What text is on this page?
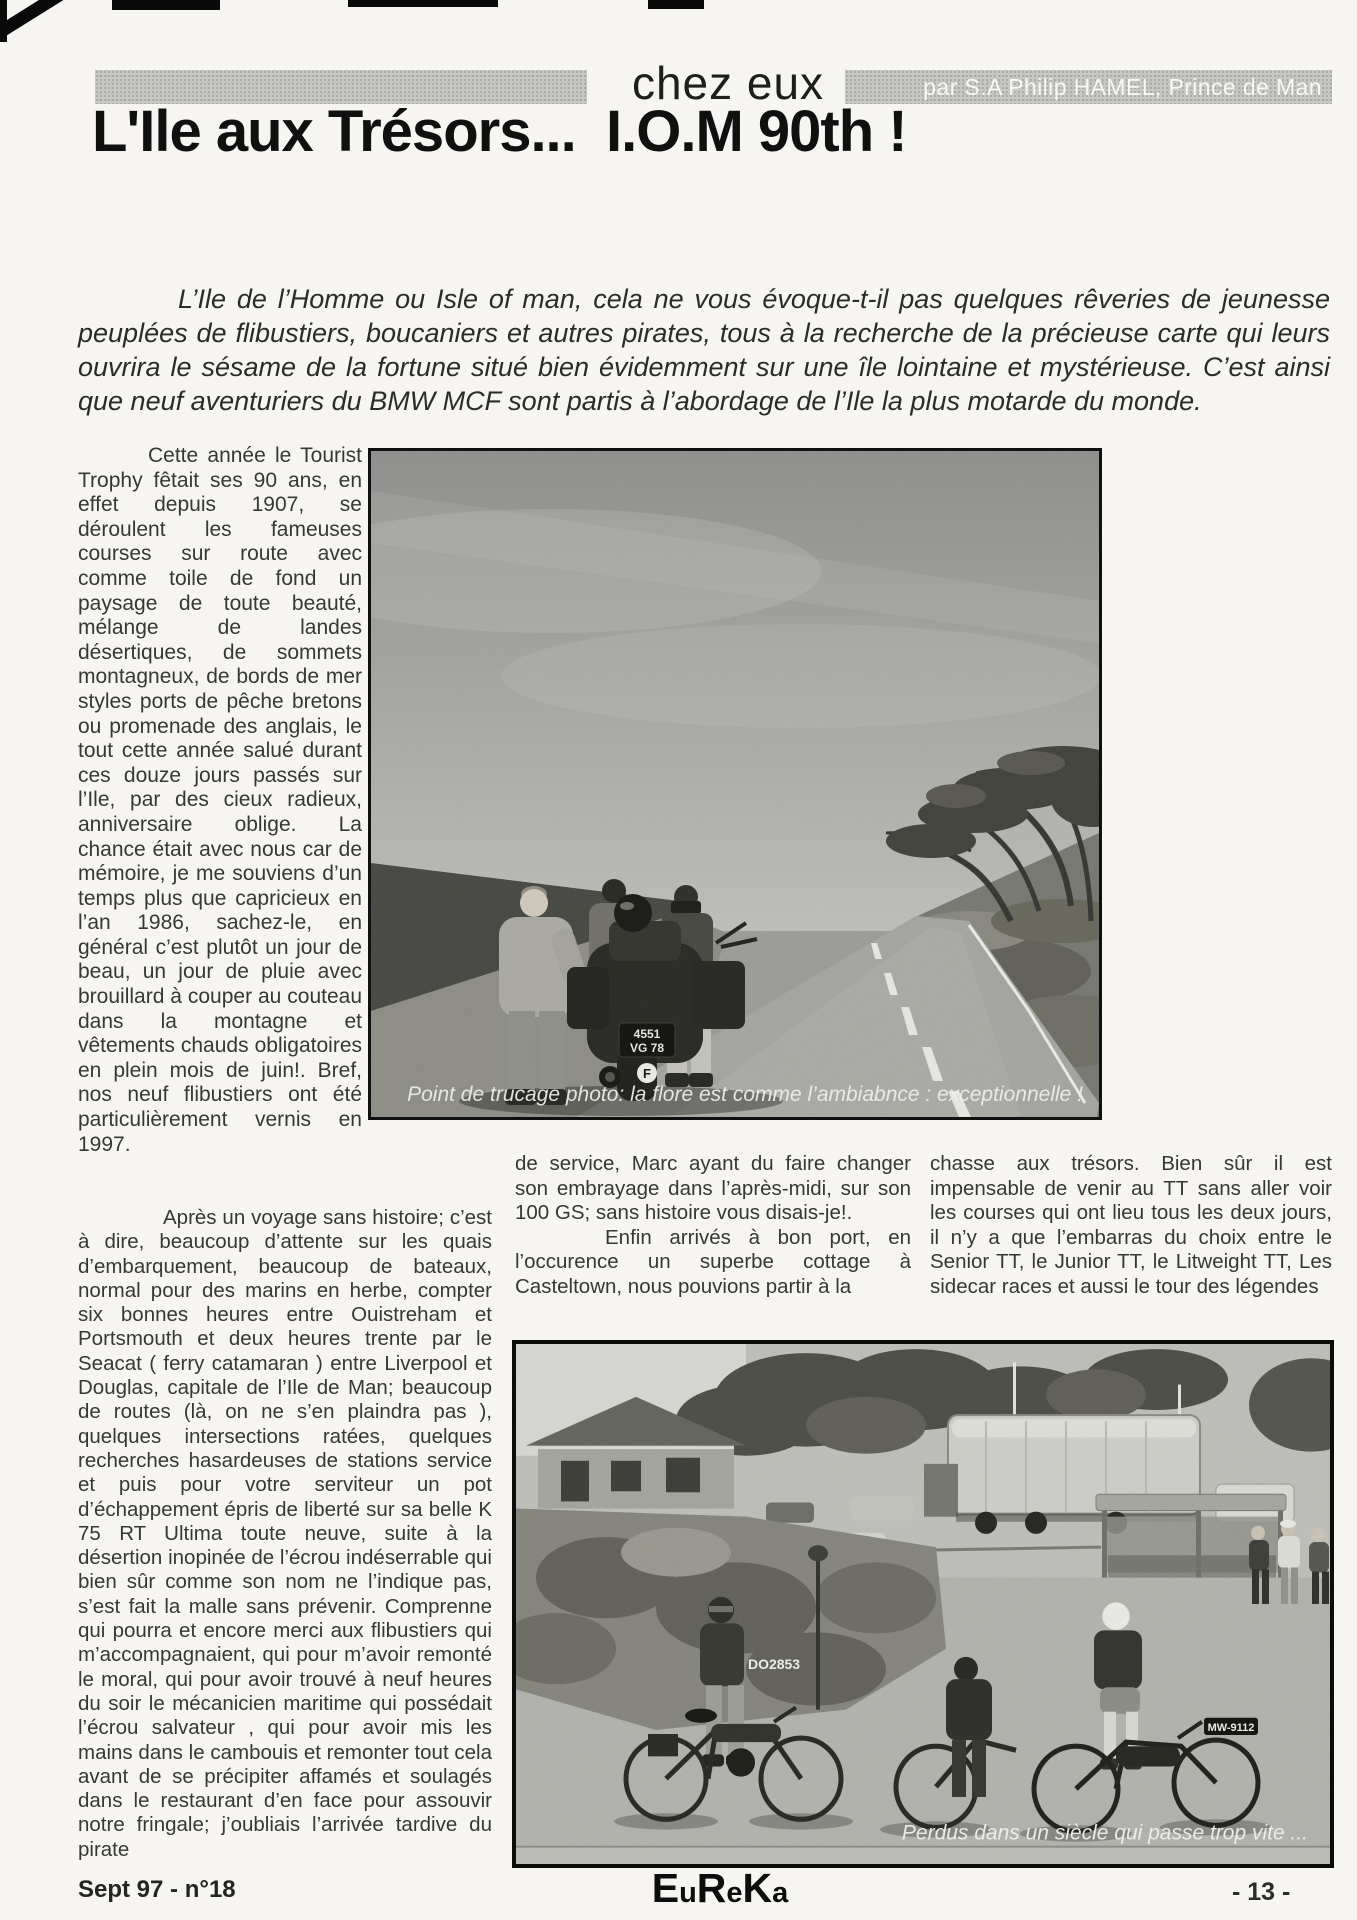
chez eux	par S.A Philip HAMEL, Prince de Man
L'Ile aux Trésors...  I.O.M 90th !

L’Ile de l’Homme ou Isle of man, cela ne vous évoque-t-il pas quelques rêveries de jeunesse peuplées de flibustiers, boucaniers et autres pirates, tous à la recherche de la précieuse carte qui leurs ouvrira le sésame de la fortune situé bien évidemment sur une île lointaine et mystérieuse. C’est ainsi que neuf aventuriers du BMW MCF sont partis à l’abordage de l’Ile la plus motarde du monde.

Cette année le Tourist Trophy fêtait ses 90 ans, en effet depuis 1907, se déroulent les fameuses courses sur route avec comme toile de fond un paysage de toute beauté, mélange de landes désertiques, de sommets montagneux, de bords de mer styles ports de pêche bretons ou promenade des anglais, le tout cette année salué durant ces douze jours passés sur l’Ile, par des cieux radieux, anniversaire oblige. La chance était avec nous car de mémoire, je me souviens d’un temps plus que capricieux en l’an 1986, sachez-le, en général c’est plutôt un jour de beau, un jour de pluie avec brouillard à couper au couteau dans la montagne et vêtements chauds obligatoires en plein mois de juin!. Bref, nos neuf flibustiers ont été particulièrement vernis en 1997.
4551
VG 78
F
Point de trucage photo: la flore est comme l’ambiabnce : exceptionnelle !
Après un voyage sans histoire; c’est à dire, beaucoup d’attente sur les quais d’embarquement, beaucoup de bateaux, normal pour des marins en herbe, compter six bonnes heures entre Ouistreham et Portsmouth et deux heures trente par le Seacat ( ferry catamaran ) entre Liverpool et Douglas, capitale de l’Ile de Man; beaucoup de routes (là, on ne s’en plaindra pas ), quelques intersections ratées, quelques recherches hasardeuses de stations service et puis pour votre serviteur un pot d’échappement épris de liberté sur sa belle K 75 RT Ultima toute neuve, suite à la désertion inopinée de l’écrou indéserrable qui bien sûr comme son nom ne l’indique pas, s’est fait la malle sans prévenir. Comprenne qui pourra et encore merci aux flibustiers qui m’accompagnaient, qui pour m’avoir remonté le moral, qui pour avoir trouvé à neuf heures du soir le mécanicien maritime qui possédait l’écrou salvateur , qui pour avoir mis les mains dans le cambouis et remonter tout cela avant de se précipiter affamés et soulagés dans le restaurant d’en face pour assouvir notre fringale; j’oubliais l’arrivée tardive du pirate

de service, Marc ayant du faire changer son embrayage dans l’après-midi, sur son 100 GS; sans histoire vous disais-je!.

Enfin arrivés à bon port, en l’occurence un superbe cottage à Casteltown, nous pouvions partir à la

chasse aux trésors. Bien sûr il est impensable de venir au TT sans aller voir les courses qui ont lieu tous les deux jours, il n’y a que l’embarras du choix entre le Senior TT, le Junior TT, le Litweight TT, Les sidecar races et aussi le tour des légendes
DO2853
MW-9112
Perdus dans un siècle qui passe trop vite ...
Sept 97 - n°18	EuReKa	- 13 -
